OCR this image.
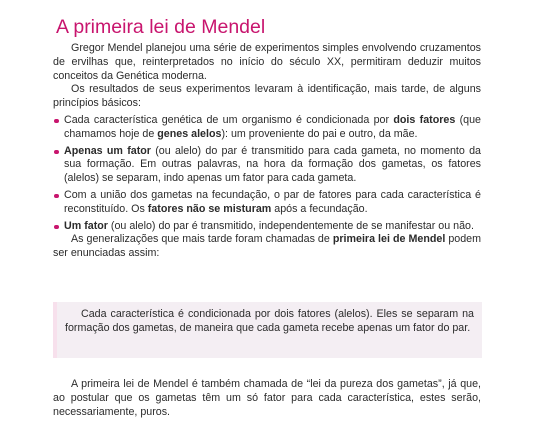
A primeira lei de Mendel

Gregor Mendel planejou uma série de experimentos simples envolvendo cruzamentos de ervilhas que, reinterpretados no início do século XX, permitiram deduzir muitos conceitos da Genética moderna.

Os resultados de seus experimentos levaram à identificação, mais tarde, de alguns princípios básicos:

Cada característica genética de um organismo é condicionada por dois fatores (que chamamos hoje de genes alelos): um proveniente do pai e outro, da mãe.

Apenas um fator (ou alelo) do par é transmitido para cada gameta, no momento da sua formação. Em outras palavras, na hora da formação dos gametas, os fatores (alelos) se separam, indo apenas um fator para cada gameta.

Com a união dos gametas na fecundação, o par de fatores para cada característica é reconstituído. Os fatores não se misturam após a fecundação.

Um fator (ou alelo) do par é transmitido, independentemente de se manifestar ou não.

As generalizações que mais tarde foram chamadas de primeira lei de Mendel podem ser enunciadas assim:

Cada característica é condicionada por dois fatores (alelos). Eles se separam na formação dos gametas, de maneira que cada gameta recebe apenas um fator do par.

A primeira lei de Mendel é também chamada de “lei da pureza dos gametas”, já que, ao postular que os gametas têm um só fator para cada característica, estes serão, necessariamente, puros.
